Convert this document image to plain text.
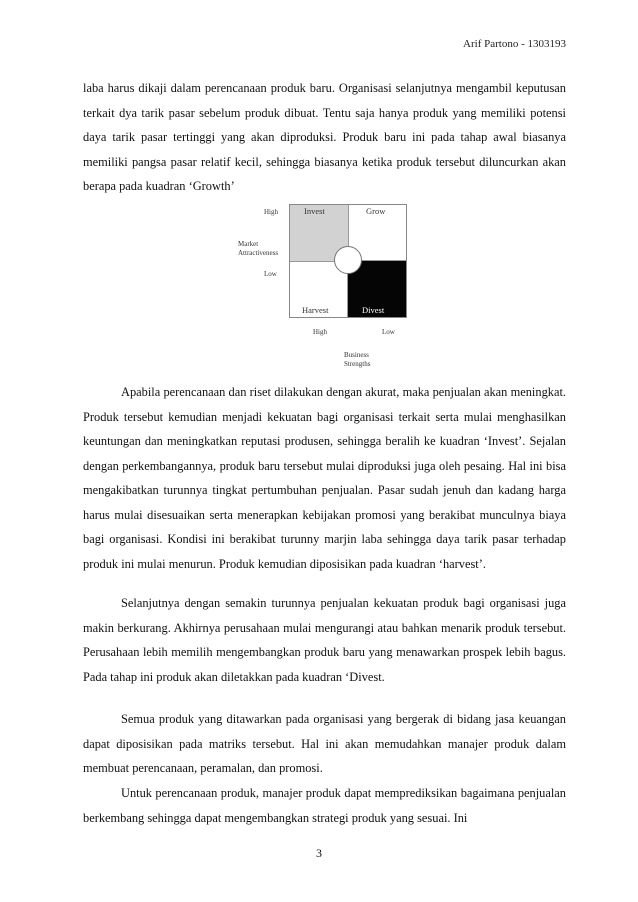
Arif Partono - 1303193

laba harus dikaji dalam perencanaan produk baru. Organisasi selanjutnya mengambil keputusan terkait dya tarik pasar sebelum produk dibuat. Tentu saja hanya produk yang memiliki potensi daya tarik pasar tertinggi yang akan diproduksi. Produk baru ini pada tahap awal biasanya memiliki pangsa pasar relatif kecil, sehingga biasanya ketika produk tersebut diluncurkan akan berapa pada kuadran ‘Growth’

High
Market
Attractiveness
Low
Invest	Grow
Harvest	Divest
High	Low
Business
Strengths

Apabila perencanaan dan riset dilakukan dengan akurat, maka penjualan akan meningkat. Produk tersebut kemudian menjadi kekuatan bagi organisasi terkait serta mulai menghasilkan keuntungan dan meningkatkan reputasi produsen, sehingga beralih ke kuadran ‘Invest’. Sejalan dengan perkembangannya, produk baru tersebut mulai diproduksi juga oleh pesaing. Hal ini bisa mengakibatkan turunnya tingkat pertumbuhan penjualan. Pasar sudah jenuh dan kadang harga harus mulai disesuaikan serta menerapkan kebijakan promosi yang berakibat munculnya biaya bagi organisasi. Kondisi ini berakibat turunny marjin laba sehingga daya tarik pasar terhadap produk ini mulai menurun. Produk kemudian diposisikan pada kuadran ‘harvest’.

Selanjutnya dengan semakin turunnya penjualan kekuatan produk bagi organisasi juga makin berkurang. Akhirnya perusahaan mulai mengurangi atau bahkan menarik produk tersebut. Perusahaan lebih memilih mengembangkan produk baru yang menawarkan prospek lebih bagus. Pada tahap ini produk akan diletakkan pada kuadran ‘Divest.

Semua produk yang ditawarkan pada organisasi yang bergerak di bidang jasa keuangan dapat diposisikan pada matriks tersebut. Hal ini akan memudahkan manajer produk dalam membuat perencanaan, peramalan, dan promosi.

Untuk perencanaan produk, manajer produk dapat memprediksikan bagaimana penjualan berkembang sehingga dapat mengembangkan strategi produk yang sesuai. Ini

3
